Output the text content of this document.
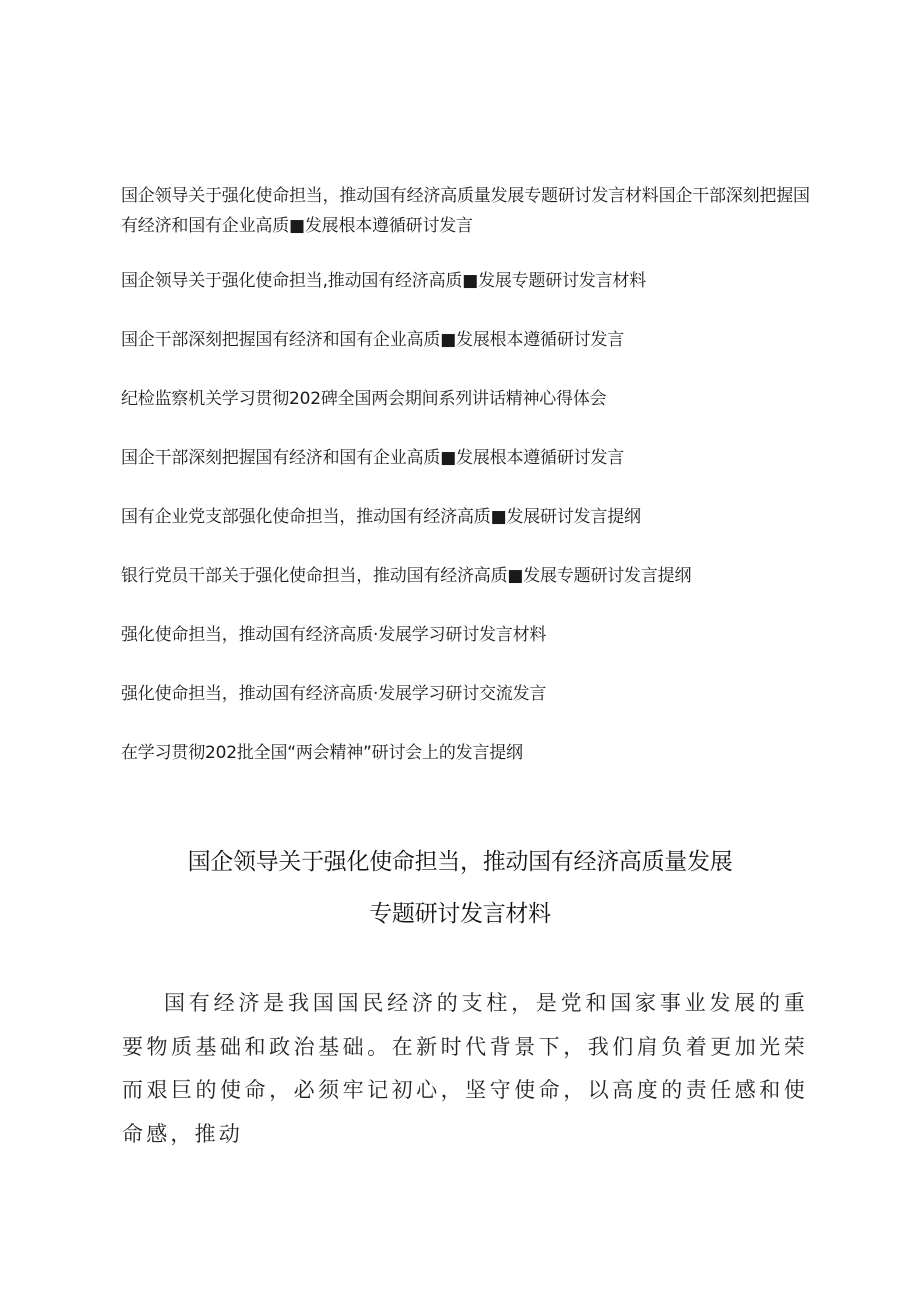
国企领导关于强化使命担当，推动国有经济高质量发展专题研讨发言材料国企干部深刻把握国有经济和国有企业高质■发展根本遵循研讨发言
国企领导关于强化使命担当,推动国有经济高质■发展专题研讨发言材料
国企干部深刻把握国有经济和国有企业高质■发展根本遵循研讨发言
纪检监察机关学习贯彻202碑全国两会期间系列讲话精神心得体会
国企干部深刻把握国有经济和国有企业高质■发展根本遵循研讨发言
国有企业党支部强化使命担当，推动国有经济高质■发展研讨发言提纲
银行党员干部关于强化使命担当，推动国有经济高质■发展专题研讨发言提纲
强化使命担当，推动国有经济高质·发展学习研讨发言材料
强化使命担当，推动国有经济高质·发展学习研讨交流发言
在学习贯彻202批全国“两会精神”研讨会上的发言提纲
国企领导关于强化使命担当，推动国有经济高质量发展
专题研讨发言材料

国有经济是我国国民经济的支柱，是党和国家事业发展的重要物质基础和政治基础。在新时代背景下，我们肩负着更加光荣而艰巨的使命，必须牢记初心，坚守使命，以高度的责任感和使命感，推动
